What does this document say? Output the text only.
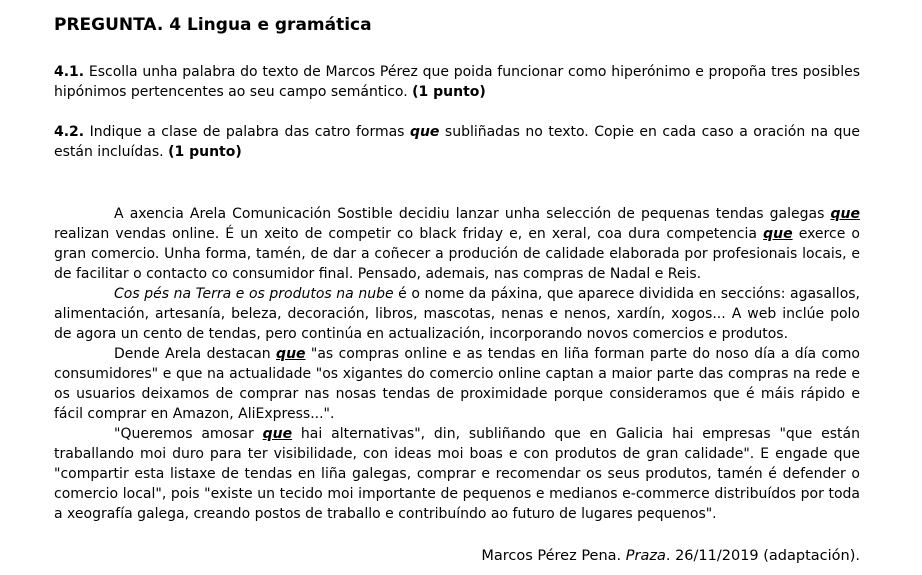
PREGUNTA. 4 Lingua e gramática
4.1. Escolla unha palabra do texto de Marcos Pérez que poida funcionar como hiperónimo e propoña tres posibles hipónimos pertencentes ao seu campo semántico. (1 punto)
4.2. Indique a clase de palabra das catro formas que subliñadas no texto. Copie en cada caso a oración na que están incluídas. (1 punto)

A axencia Arela Comunicación Sostible decidiu lanzar unha selección de pequenas tendas galegas que realizan vendas online. É un xeito de competir co black friday e, en xeral, coa dura competencia que exerce o gran comercio. Unha forma, tamén, de dar a coñecer a produción de calidade elaborada por profesionais locais, e de facilitar o contacto co consumidor final. Pensado, ademais, nas compras de Nadal e Reis.

Cos pés na Terra e os produtos na nube é o nome da páxina, que aparece dividida en seccións: agasallos, alimentación, artesanía, beleza, decoración, libros, mascotas, nenas e nenos, xardín, xogos... A web inclúe polo de agora un cento de tendas, pero continúa en actualización, incorporando novos comercios e produtos.

Dende Arela destacan que "as compras online e as tendas en liña forman parte do noso día a día como consumidores" e que na actualidade "os xigantes do comercio online captan a maior parte das compras na rede e os usuarios deixamos de comprar nas nosas tendas de proximidade porque consideramos que é máis rápido e fácil comprar en Amazon, AliExpress...".

"Queremos amosar que hai alternativas", din, subliñando que en Galicia hai empresas "que están traballando moi duro para ter visibilidade, con ideas moi boas e con produtos de gran calidade". E engade que "compartir esta listaxe de tendas en liña galegas, comprar e recomendar os seus produtos, tamén é defender o comercio local", pois "existe un tecido moi importante de pequenos e medianos e-commerce distribuídos por toda a xeografía galega, creando postos de traballo e contribuíndo ao futuro de lugares pequenos".

Marcos Pérez Pena. Praza. 26/11/2019 (adaptación).
